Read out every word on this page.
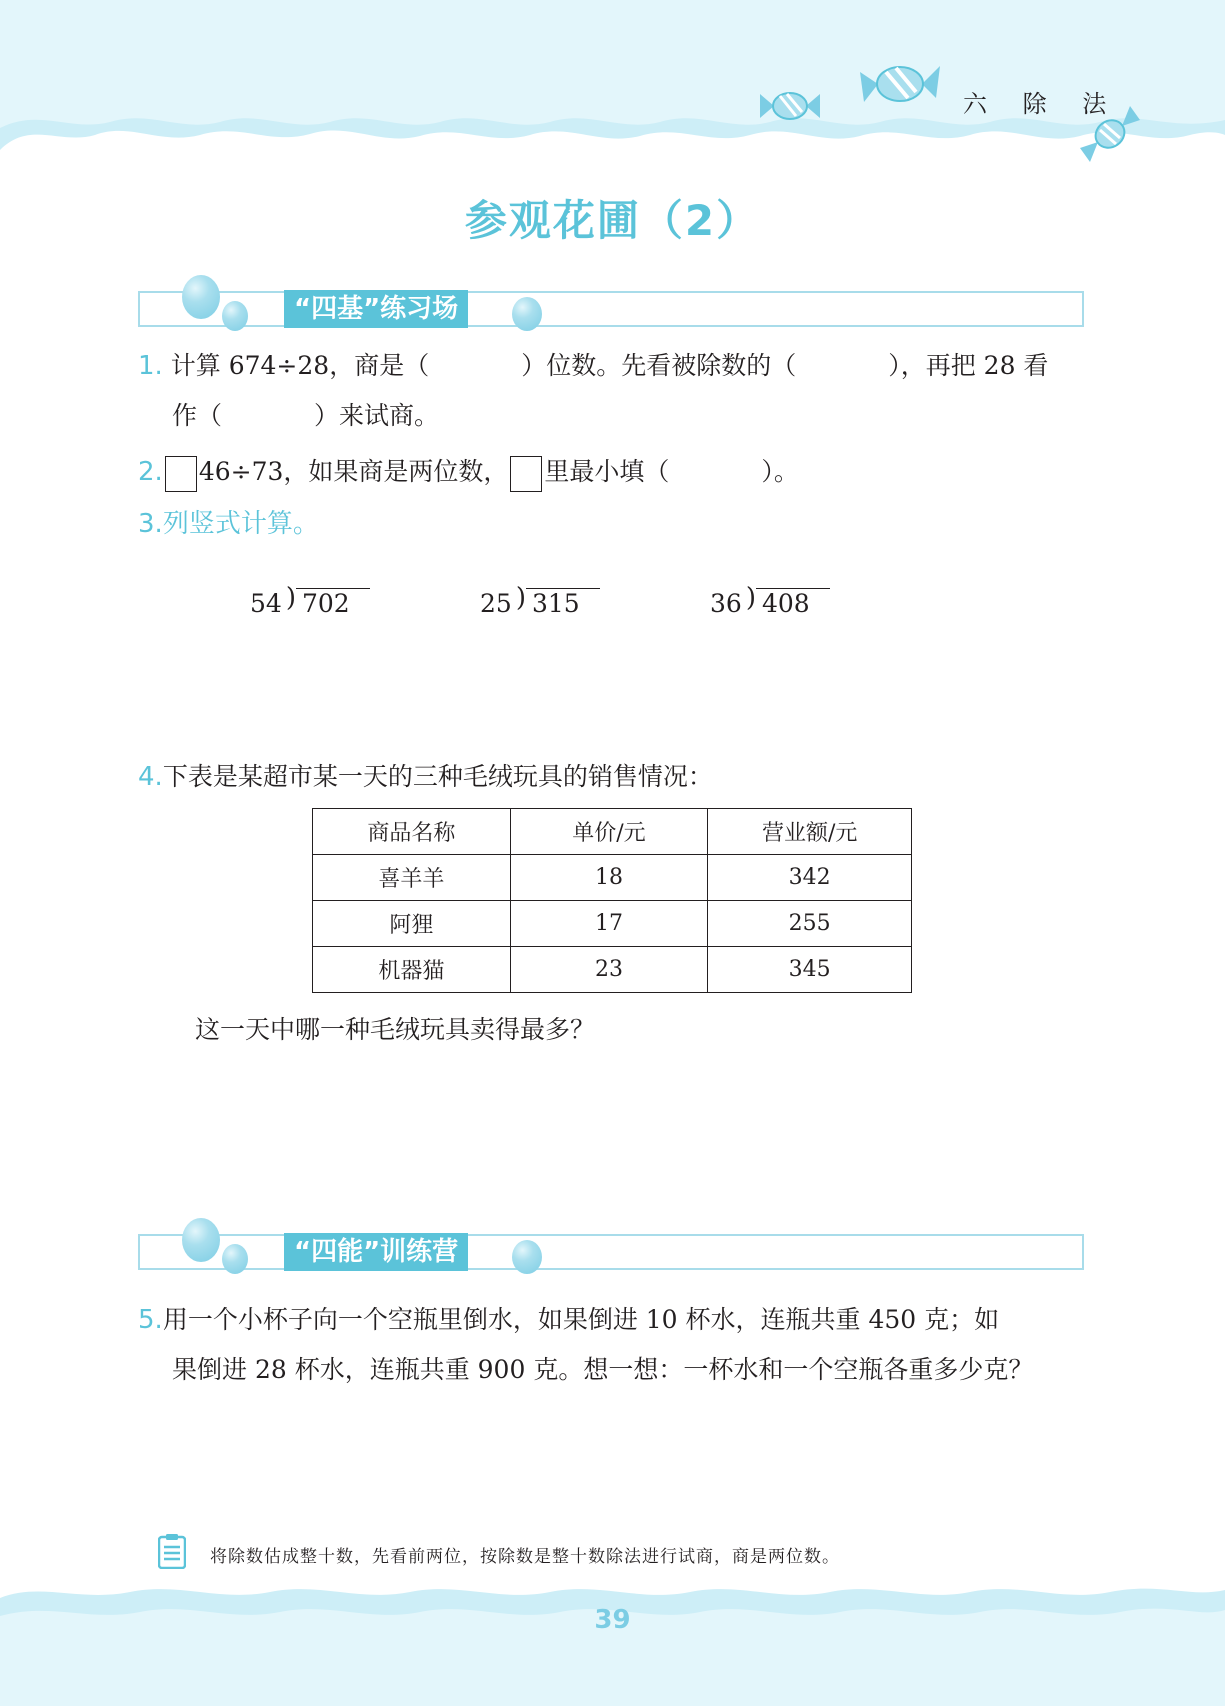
六 除 法
参观花圃（2）
“四基”练习场
1. 计算 674÷28，商是（	）位数。先看被除数的（	），再把 28 看
作（	）来试商。
2. 46÷73，如果商是两位数， 里最小填（	）。
3.列竖式计算。
54 ) 702	25 ) 315	36 ) 408
4.下表是某超市某一天的三种毛绒玩具的销售情况：
商品名称	单价/元	营业额/元
喜羊羊	18	342
阿狸	17	255
机器猫	23	345
这一天中哪一种毛绒玩具卖得最多？
“四能”训练营
5.用一个小杯子向一个空瓶里倒水，如果倒进 10 杯水，连瓶共重 450 克；如
果倒进 28 杯水，连瓶共重 900 克。想一想：一杯水和一个空瓶各重多少克？
将除数估成整十数，先看前两位，按除数是整十数除法进行试商，商是两位数。
39
